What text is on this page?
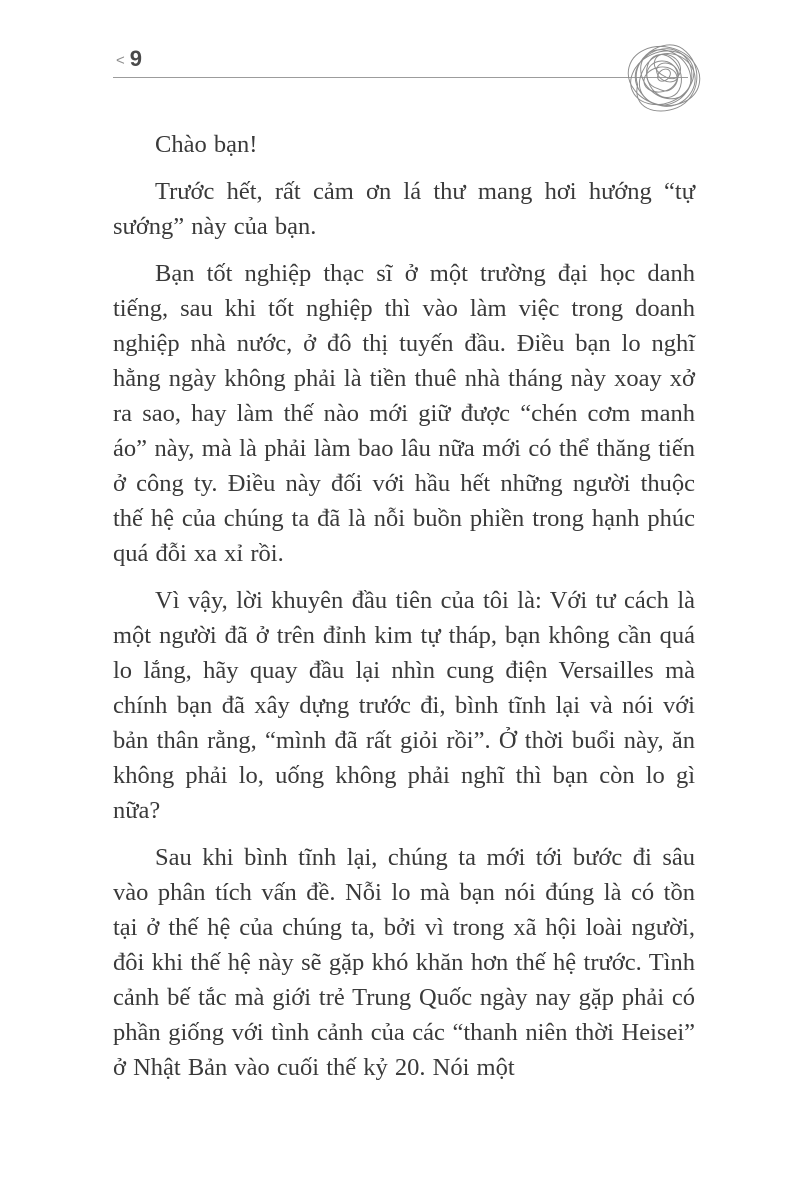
< 9

Chào bạn!

Trước hết, rất cảm ơn lá thư mang hơi hướng “tự sướng” này của bạn.

Bạn tốt nghiệp thạc sĩ ở một trường đại học danh tiếng, sau khi tốt nghiệp thì vào làm việc trong doanh nghiệp nhà nước, ở đô thị tuyến đầu. Điều bạn lo nghĩ hằng ngày không phải là tiền thuê nhà tháng này xoay xở ra sao, hay làm thế nào mới giữ được “chén cơm manh áo” này, mà là phải làm bao lâu nữa mới có thể thăng tiến ở công ty. Điều này đối với hầu hết những người thuộc thế hệ của chúng ta đã là nỗi buồn phiền trong hạnh phúc quá đỗi xa xỉ rồi.

Vì vậy, lời khuyên đầu tiên của tôi là: Với tư cách là một người đã ở trên đỉnh kim tự tháp, bạn không cần quá lo lắng, hãy quay đầu lại nhìn cung điện Versailles mà chính bạn đã xây dựng trước đi, bình tĩnh lại và nói với bản thân rằng, “mình đã rất giỏi rồi”. Ở thời buổi này, ăn không phải lo, uống không phải nghĩ thì bạn còn lo gì nữa?

Sau khi bình tĩnh lại, chúng ta mới tới bước đi sâu vào phân tích vấn đề. Nỗi lo mà bạn nói đúng là có tồn tại ở thế hệ của chúng ta, bởi vì trong xã hội loài người, đôi khi thế hệ này sẽ gặp khó khăn hơn thế hệ trước. Tình cảnh bế tắc mà giới trẻ Trung Quốc ngày nay gặp phải có phần giống với tình cảnh của các “thanh niên thời Heisei” ở Nhật Bản vào cuối thế kỷ 20. Nói một
